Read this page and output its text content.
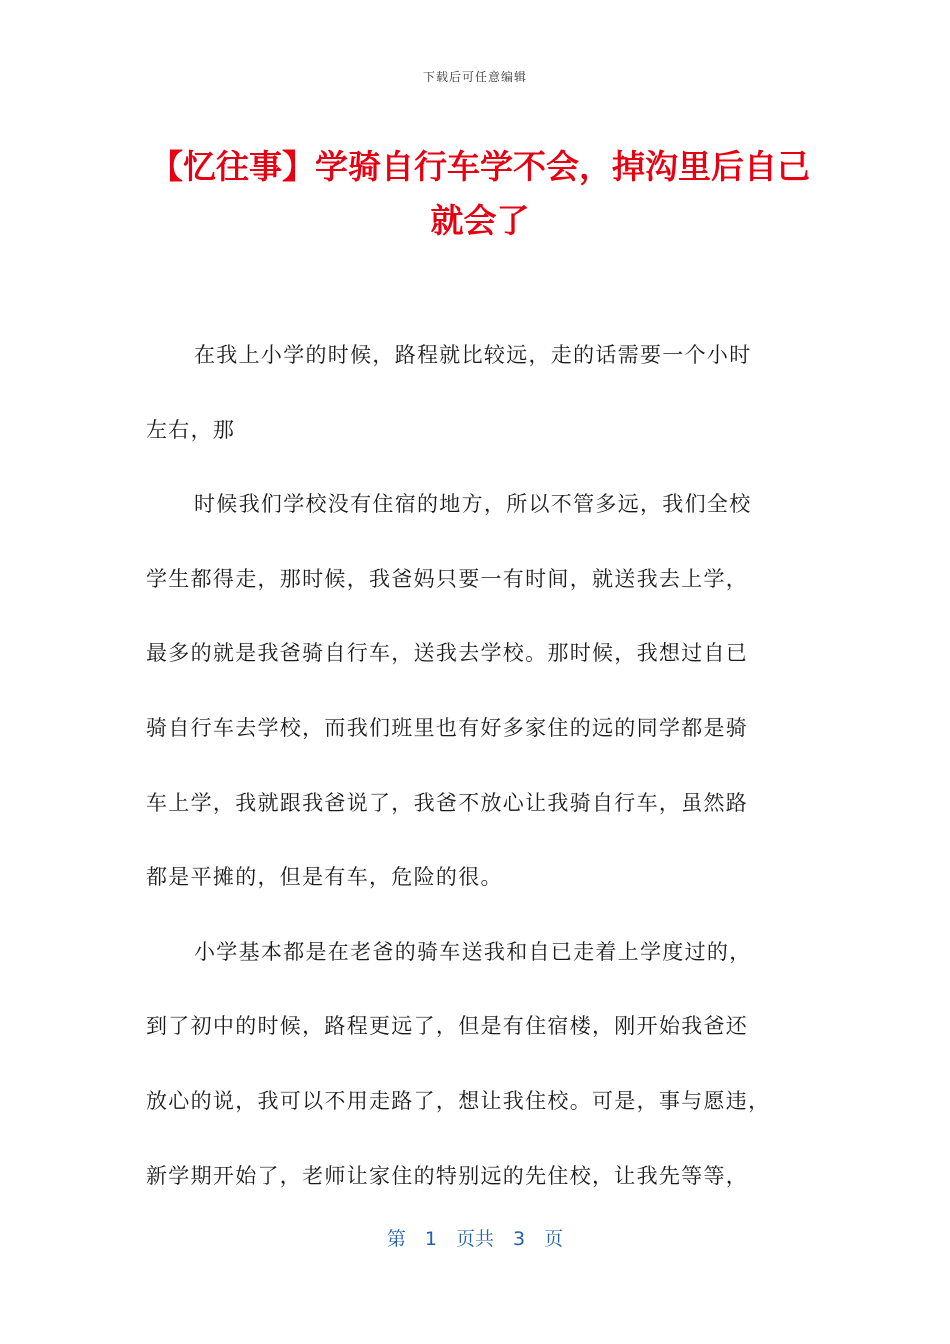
下载后可任意编辑
【忆往事】学骑自行车学不会，掉沟里后自己就会了
在我上小学的时候，路程就比较远，走的话需要一个小时
左右，那
时候我们学校没有住宿的地方，所以不管多远，我们全校
学生都得走，那时候，我爸妈只要一有时间，就送我去上学，
最多的就是我爸骑自行车，送我去学校。那时候，我想过自已
骑自行车去学校，而我们班里也有好多家住的远的同学都是骑
车上学，我就跟我爸说了，我爸不放心让我骑自行车，虽然路
都是平摊的，但是有车，危险的很。
小学基本都是在老爸的骑车送我和自已走着上学度过的，
到了初中的时候，路程更远了，但是有住宿楼，刚开始我爸还
放心的说，我可以不用走路了，想让我住校。可是，事与愿违，
新学期开始了，老师让家住的特别远的先住校，让我先等等，
第　1　页共　3　页
